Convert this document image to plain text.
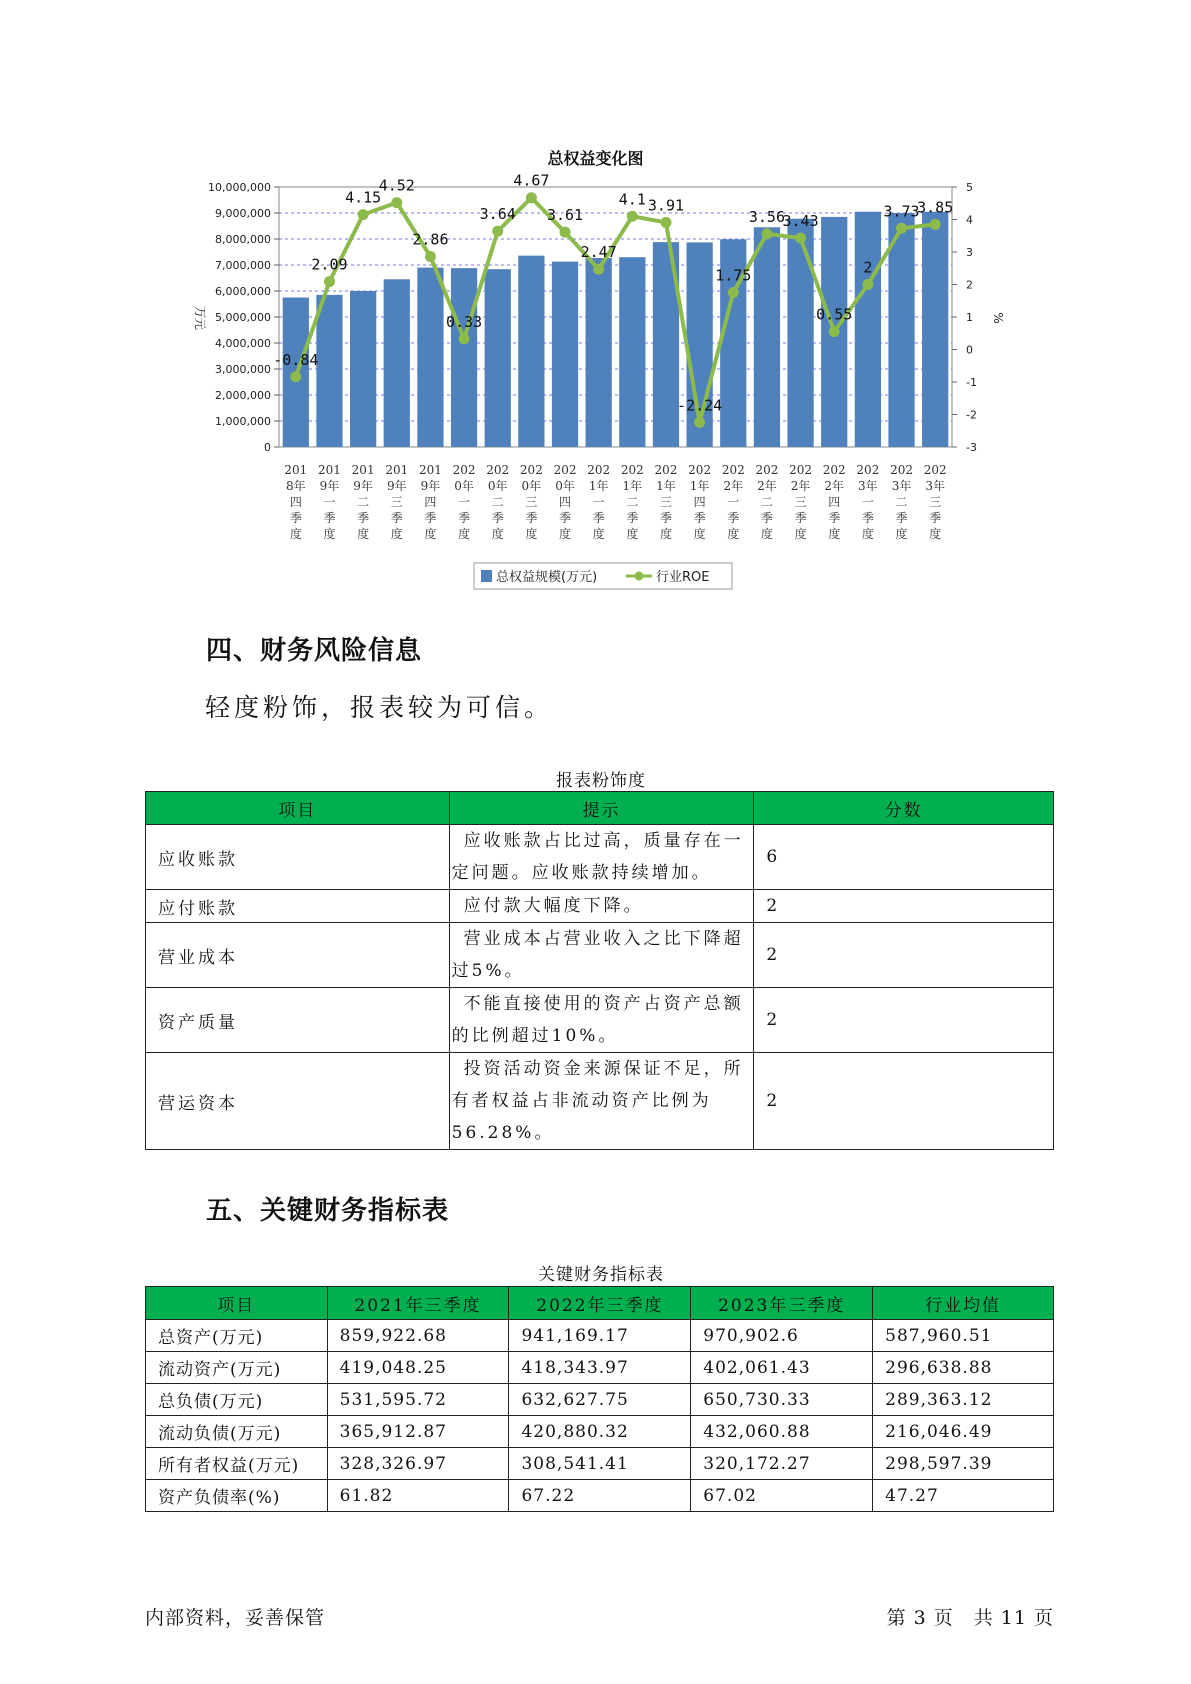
总权益变化图
0
1,000,000
2,000,000
3,000,000
4,000,000
5,000,000
6,000,000
7,000,000
8,000,000
9,000,000
10,000,000
-3
-2
-1
0
1
2
3
4
5
万元	%
201
8年
四
季
度
201
9年
一
季
度
201
9年
二
季
度
201
9年
三
季
度
201
9年
四
季
度
202
0年
一
季
度
202
0年
二
季
度
202
0年
三
季
度
202
0年
四
季
度
202
1年
一
季
度
202
1年
二
季
度
202
1年
三
季
度
202
1年
四
季
度
202
2年
一
季
度
202
2年
二
季
度
202
2年
三
季
度
202
2年
四
季
度
202
3年
一
季
度
202
3年
二
季
度
202
3年
三
季
度
-0.84
2.09
4.15
4.52
2.86
0.33
3.64
4.67
3.61
2.47
4.1 3.91
-2.24
1.75
3.56
3.43
0.55
2
3.73
3.85
总权益规模(万元)	行业ROE
四、财务风险信息
轻度粉饰，报表较为可信。
报表粉饰度
项目	提示	分数
应收账款	应收账款占比过高，质量存在一定问题。应收账款持续增加。	6
应付账款	应付款大幅度下降。	2
营业成本	营业成本占营业收入之比下降超过5%。	2
资产质量	不能直接使用的资产占资产总额的比例超过10%。	2
营运资本	投资活动资金来源保证不足，所有者权益占非流动资产比例为56.28%。	2
五、关键财务指标表
关键财务指标表
项目	2021年三季度	2022年三季度	2023年三季度	行业均值
总资产(万元)	859,922.68	941,169.17	970,902.6	587,960.51
流动资产(万元)	419,048.25	418,343.97	402,061.43	296,638.88
总负债(万元)	531,595.72	632,627.75	650,730.33	289,363.12
流动负债(万元)	365,912.87	420,880.32	432,060.88	216,046.49
所有者权益(万元)	328,326.97	308,541.41	320,172.27	298,597.39
资产负债率(%)	61.82	67.22	67.02	47.27
内部资料，妥善保管	第 3 页　共 11 页
